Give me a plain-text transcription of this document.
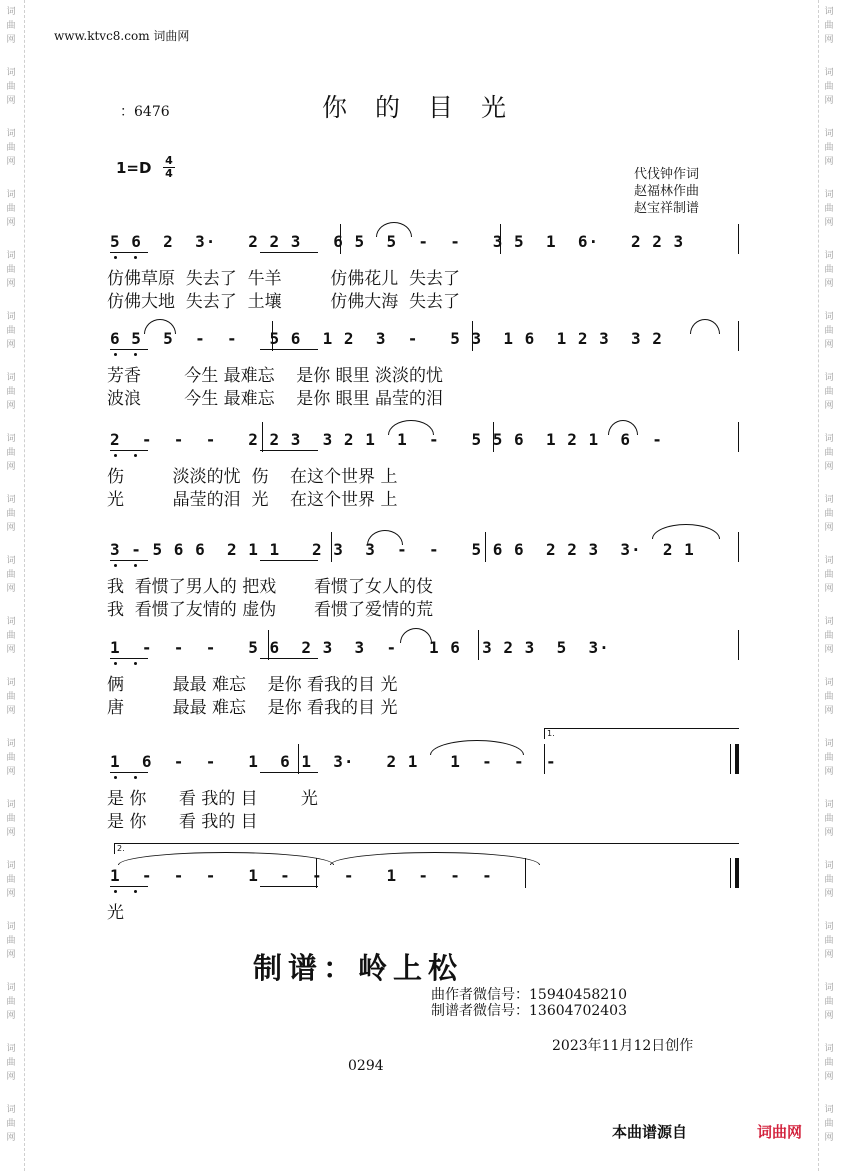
词
曲
网
词
曲
网
词
曲
网
词
曲
网
词
曲
网
词
曲
网
词
曲
网
词
曲
网
词
曲
网
词
曲
网
词
曲
网
词
曲
网
词
曲
网
词
曲
网
词
曲
网
词
曲
网
词
曲
网
词
曲
网
词
曲
网
词
曲
网
词
曲
网
词
曲
网
词
曲
网
词
曲
网
词
曲
网
词
曲
网
词
曲
网
词
曲
网
词
曲
网
词
曲
网
词
曲
网
词
曲
网
词
曲
网
词
曲
网
词
曲
网
词
曲
网
词
曲
网
词
曲
网
www.ktvc8.com 词曲网
：6476	你的目光
1=D 4
4	代伐钟作词
赵福林作曲
赵宝祥制谱
5 6  2  3·   2 2 3   6 5  5  -  -   3 5  1  6·   2 2 3
仿佛草原  失去了  牛羊         仿佛花儿  失去了
仿佛大地  失去了  土壤         仿佛大海  失去了
6 5  5  -  -   5 6  1 2  3  -   5 3  1 6  1 2 3  3 2
芳香        今生 最难忘    是你 眼里 淡淡的忧
波浪        今生 最难忘    是你 眼里 晶莹的泪
2  -  -  -   2 2 3  3 2 1  1  -   5 5 6  1 2 1  6  -
伤         淡淡的忧  伤    在这个世界 上
光         晶莹的泪  光    在这个世界 上
3 - 5 6 6  2 1 1   2 3  3  -  -   5 6 6  2 2 3  3·  2 1
我  看惯了男人的 把戏       看惯了女人的伎
我  看惯了友情的 虚伪       看惯了爱情的荒
1  -  -  -   5 6  2 3  3  -   1 6  3 2 3  5  3·
俩         最最 难忘    是你 看我的目 光
唐         最最 难忘    是你 看我的目 光
1  6  -  -   1  6 1  3·   2 1   1  -  -  -
是 你      看 我的 目        光
是 你      看 我的 目
1  -  -  -   1  -  -  -   1  -  -  -
光
1.
2.
制谱：岭上松
曲作者微信号：15940458210
制谱者微信号：13604702403
2023年11月12日创作
0294
本曲谱源自	词曲网
